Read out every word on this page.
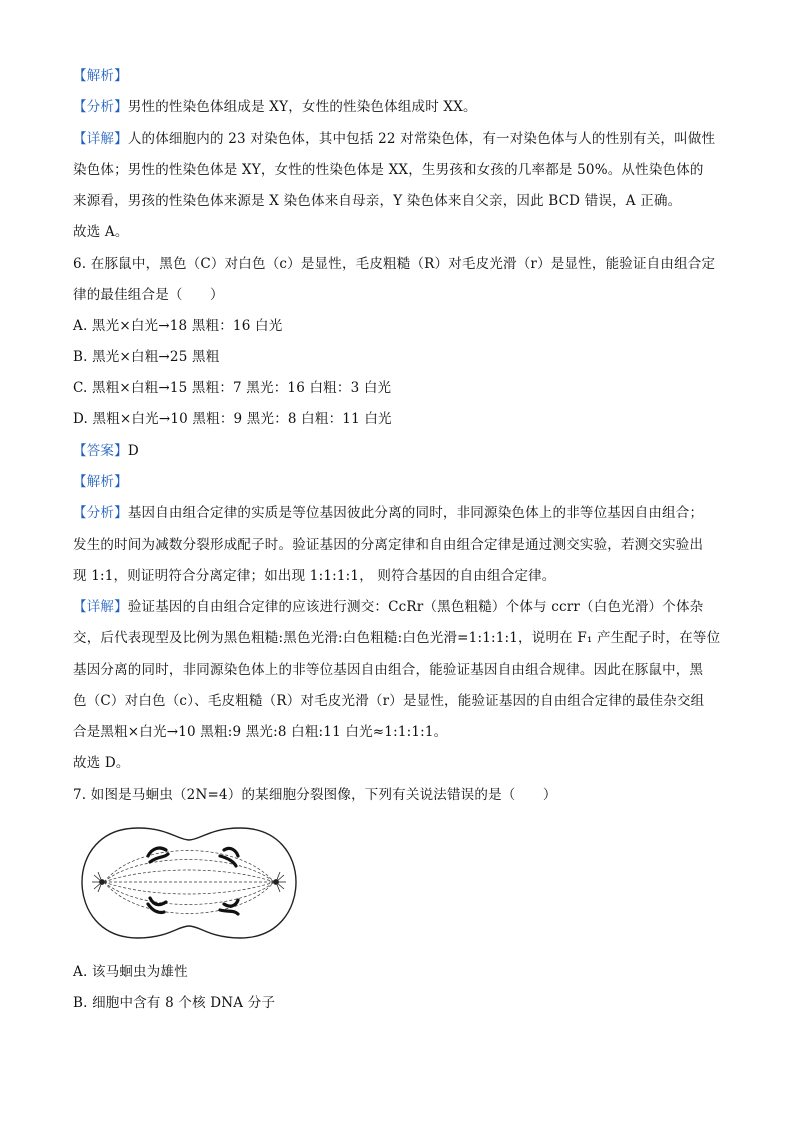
【解析】
【分析】男性的性染色体组成是 XY，女性的性染色体组成时 XX。
【详解】人的体细胞内的 23 对染色体，其中包括 22 对常染色体，有一对染色体与人的性别有关，叫做性
染色体；男性的性染色体是 XY，女性的性染色体是 XX，生男孩和女孩的几率都是 50%。从性染色体的
来源看，男孩的性染色体来源是 X 染色体来自母亲，Y 染色体来自父亲，因此 BCD 错误，A 正确。
故选 A。
6. 在豚鼠中，黑色（C）对白色（c）是显性，毛皮粗糙（R）对毛皮光滑（r）是显性，能验证自由组合定
律的最佳组合是（　　）
A. 黑光×白光→18 黑粗：16 白光
B. 黑光×白粗→25 黑粗
C. 黑粗×白粗→15 黑粗：7 黑光：16 白粗：3 白光
D. 黑粗×白光→10 黑粗：9 黑光：8 白粗：11 白光
【答案】D
【解析】
【分析】基因自由组合定律的实质是等位基因彼此分离的同时，非同源染色体上的非等位基因自由组合；
发生的时间为减数分裂形成配子时。验证基因的分离定律和自由组合定律是通过测交实验，若测交实验出
现 1:1，则证明符合分离定律；如出现 1:1:1:1， 则符合基因的自由组合定律。
【详解】验证基因的自由组合定律的应该进行测交：CcRr（黑色粗糙）个体与 ccrr（白色光滑）个体杂
交，后代表现型及比例为黑色粗糙:黑色光滑:白色粗糙:白色光滑=1:1:1:1，说明在 F₁ 产生配子时，在等位
基因分离的同时，非同源染色体上的非等位基因自由组合，能验证基因自由组合规律。因此在豚鼠中，黑
色（C）对白色（c）、毛皮粗糙（R）对毛皮光滑（r）是显性，能验证基因的自由组合定律的最佳杂交组
合是黑粗×白光→10 黑粗:9 黑光:8 白粗:11 白光≈1:1:1:1。
故选 D。
7. 如图是马蛔虫（2N=4）的某细胞分裂图像，下列有关说法错误的是（　　）
A. 该马蛔虫为雄性
B. 细胞中含有 8 个核 DNA 分子
